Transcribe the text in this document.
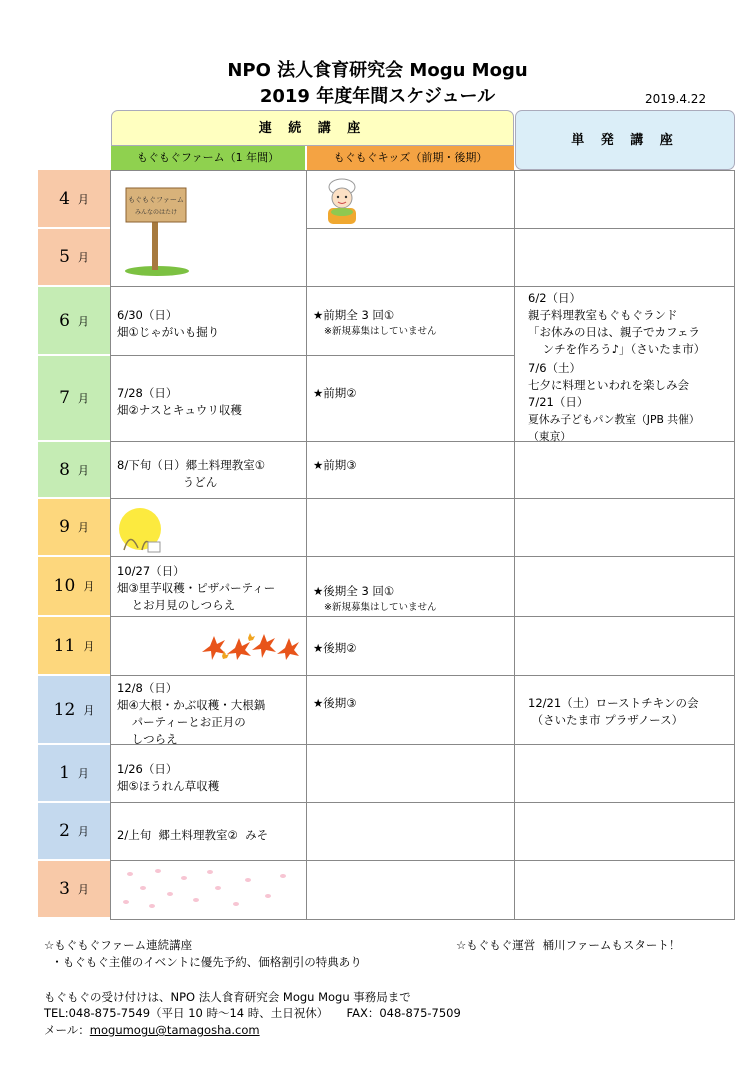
NPO 法人食育研究会 Mogu Mogu
2019 年度年間スケジュール	2019.4.22
連 続 講 座
もぐもぐファーム（1 年間）	もぐもぐキッズ（前期・後期）
単 発 講 座
4 月
5 月
6 月
7 月
8 月
9 月
10 月
11 月
12 月
1 月
2 月
3 月
もぐもぐファーム
みんなのはたけ
6/30（日）
畑①じゃがいも掘り
7/28（日）
畑②ナスとキュウリ収穫
8/下旬（日）郷土料理教室①
うどん
10/27（日）
畑③里芋収穫・ピザパーティー
とお月見のしつらえ
12/8（日）
畑④大根・かぶ収穫・大根鍋
パーティーとお正月の
しつらえ
1/26（日）
畑⑤ほうれん草収穫
2/上旬  郷土料理教室②  みそ
★前期全 3 回①
※新規募集はしていません
★前期②
★前期③
★後期全 3 回①
※新規募集はしていません
★後期②
★後期③
6/2（日）
親子料理教室もぐもぐランド
「お休みの日は、親子でカフェラ
ンチを作ろう♪」（さいたま市）
7/6（土）
七夕に料理といわれを楽しみ会
7/21（日）
夏休み子どもパン教室（JPB 共催）
（東京）
12/21（土）ローストチキンの会
（さいたま市 プラザノース）
☆もぐもぐファーム連続講座
・もぐもぐ主催のイベントに優先予約、価格割引の特典あり
☆もぐもぐ運営  桶川ファームもスタート！
もぐもぐの受け付けは、NPO 法人食育研究会 Mogu Mogu 事務局まで
TEL:048-875-7549（平日 10 時～14 時、土日祝休）     FAX：048-875-7509
メール：mogumogu@tamagosha.com
